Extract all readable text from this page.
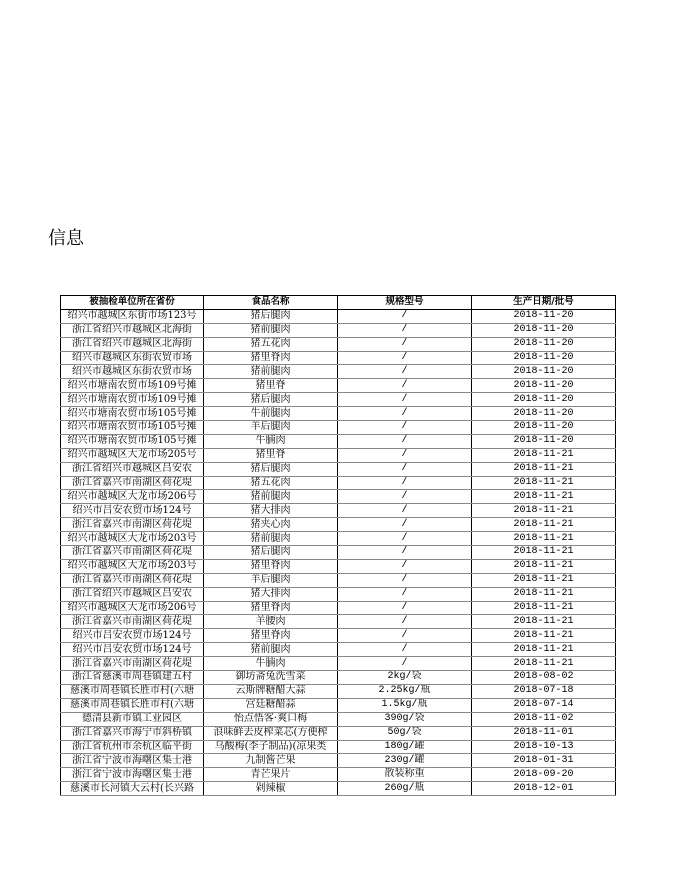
信息
被抽检单位所在省份	食品名称	规格型号	生产日期/批号
绍兴市越城区东街市场123号	猪后腿肉	/	2018-11-20
浙江省绍兴市越城区北海街	猪前腿肉	/	2018-11-20
浙江省绍兴市越城区北海街	猪五花肉	/	2018-11-20
绍兴市越城区东街农贸市场	猪里脊肉	/	2018-11-20
绍兴市越城区东街农贸市场	猪前腿肉	/	2018-11-20
绍兴市塘南农贸市场109号摊	猪里脊	/	2018-11-20
绍兴市塘南农贸市场109号摊	猪后腿肉	/	2018-11-20
绍兴市塘南农贸市场105号摊	牛前腿肉	/	2018-11-20
绍兴市塘南农贸市场105号摊	羊后腿肉	/	2018-11-20
绍兴市塘南农贸市场105号摊	牛腩肉	/	2018-11-20
绍兴市越城区大龙市场205号	猪里脊	/	2018-11-21
浙江省绍兴市越城区吕安农	猪后腿肉	/	2018-11-21
浙江省嘉兴市南湖区荷花堤	猪五花肉	/	2018-11-21
绍兴市越城区大龙市场206号	猪前腿肉	/	2018-11-21
绍兴市吕安农贸市场124号	猪大排肉	/	2018-11-21
浙江省嘉兴市南湖区荷花堤	猪夹心肉	/	2018-11-21
绍兴市越城区大龙市场203号	猪前腿肉	/	2018-11-21
浙江省嘉兴市南湖区荷花堤	猪后腿肉	/	2018-11-21
绍兴市越城区大龙市场203号	猪里脊肉	/	2018-11-21
浙江省嘉兴市南湖区荷花堤	羊后腿肉	/	2018-11-21
浙江省绍兴市越城区吕安农	猪大排肉	/	2018-11-21
绍兴市越城区大龙市场206号	猪里脊肉	/	2018-11-21
浙江省嘉兴市南湖区荷花堤	羊腰肉	/	2018-11-21
绍兴市吕安农贸市场124号	猪里脊肉	/	2018-11-21
绍兴市吕安农贸市场124号	猪前腿肉	/	2018-11-21
浙江省嘉兴市南湖区荷花堤	牛腩肉	/	2018-11-21
浙江省慈溪市周巷镇建五村	御坊斋兔洗雪菜	2kg/袋	2018-08-02
慈溪市周巷镇长胜市村(六塘	云斯牌糖醋大蒜	2.25kg/瓶	2018-07-18
慈溪市周巷镇长胜市村(六塘	宫廷糖醋蒜	1.5kg/瓶	2018-07-14
德清县新市镇工业园区	怡点悟客·爽口梅	390g/袋	2018-11-02
浙江省嘉兴市海宁市斜桥镇	浪味鲜去皮榨菜芯(方便榨	50g/袋	2018-11-01
浙江省杭州市余杭区临平街	乌酸梅(李子制品)(凉果类	180g/罐	2018-10-13
浙江省宁波市海曙区集士港	九制酱芒果	230g/罐	2018-01-31
浙江省宁波市海曙区集士港	青芒果片	散装称重	2018-09-20
慈溪市长河镇大云村(长兴路	剁辣椒	260g/瓶	2018-12-01
